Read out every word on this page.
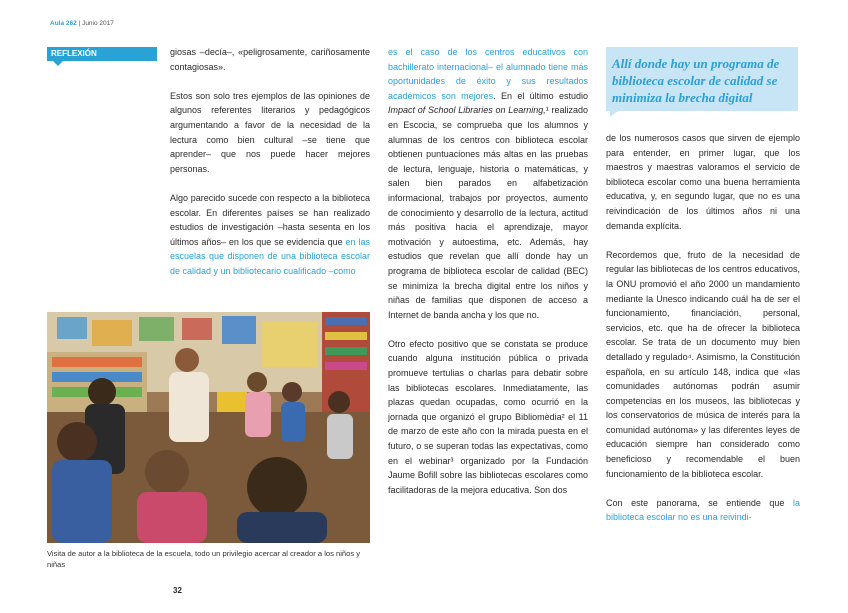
Aula 262 | Junio 2017
REFLEXIÓN	giosas –decía–, «peligrosamente, cariñosamente contagiosas».

Estos son solo tres ejemplos de las opiniones de algunos referentes literarios y pedagógicos argumentando a favor de la necesidad de la lectura como bien cultural –se tiene que aprender– que nos puede hacer mejores personas.

Algo parecido sucede con respecto a la biblioteca escolar. En diferentes países se han realizado estudios de investigación –hasta sesenta en los últimos años– en los que se evidencia que en las escuelas que disponen de una biblioteca escolar de calidad y un bibliotecario cualificado –como

Visita de autor a la biblioteca de la escuela, todo un privilegio acercar al creador a los niños y niñas
32

es el caso de los centros educativos con bachillerato internacional– el alumnado tiene más oportunidades de éxito y sus resultados académicos son mejores. En el último estudio Impact of School Libraries on Learning,¹ realizado en Escocia, se comprueba que los alumnos y alumnas de los centros con biblioteca escolar obtienen puntuaciones más altas en las pruebas de lectura, lenguaje, historia o matemáticas, y salen bien parados en alfabetización informacional, trabajos por proyectos, aumento de conocimiento y desarrollo de la lectura, actitud más positiva hacia el aprendizaje, mayor motivación y autoestima, etc. Además, hay estudios que revelan que allí donde hay un programa de biblioteca escolar de calidad (BEC) se minimiza la brecha digital entre los niños y niñas de familias que disponen de acceso a Internet de banda ancha y los que no.

Otro efecto positivo que se constata se produce cuando alguna institución pública o privada promueve tertulias o charlas para debatir sobre las bibliotecas escolares. Inmediatamente, las plazas quedan ocupadas, como ocurrió en la jornada que organizó el grupo Bibliomèdia² el 11 de marzo de este año con la mirada puesta en el futuro, o se superan todas las expectativas, como en el webinar³ organizado por la Fundación Jaume Bofill sobre las bibliotecas escolares como facilitadoras de la mejora educativa. Son dos

Allí donde hay un programa de biblioteca escolar de calidad se minimiza la brecha digital

de los numerosos casos que sirven de ejemplo para entender, en primer lugar, que los maestros y maestras valoramos el servicio de biblioteca escolar como una buena herramienta educativa, y, en segundo lugar, que no es una reivindicación de los últimos años ni una demanda explícita.

Recordemos que, fruto de la necesidad de regular las bibliotecas de los centros educativos, la ONU promovió el año 2000 un mandamiento mediante la Unesco indicando cuál ha de ser el funcionamiento, financiación, personal, servicios, etc. que ha de ofrecer la biblioteca escolar. Se trata de un documento muy bien detallado y regulado⁴. Asimismo, la Constitución española, en su artículo 148, indica que «las comunidades autónomas podrán asumir competencias en los museos, las bibliotecas y los conservatorios de música de interés para la comunidad autónoma» y las diferentes leyes de educación siempre han considerado como beneficioso y recomendable el buen funcionamiento de la biblioteca escolar.

Con este panorama, se entiende que la biblioteca escolar no es una reivindi-
